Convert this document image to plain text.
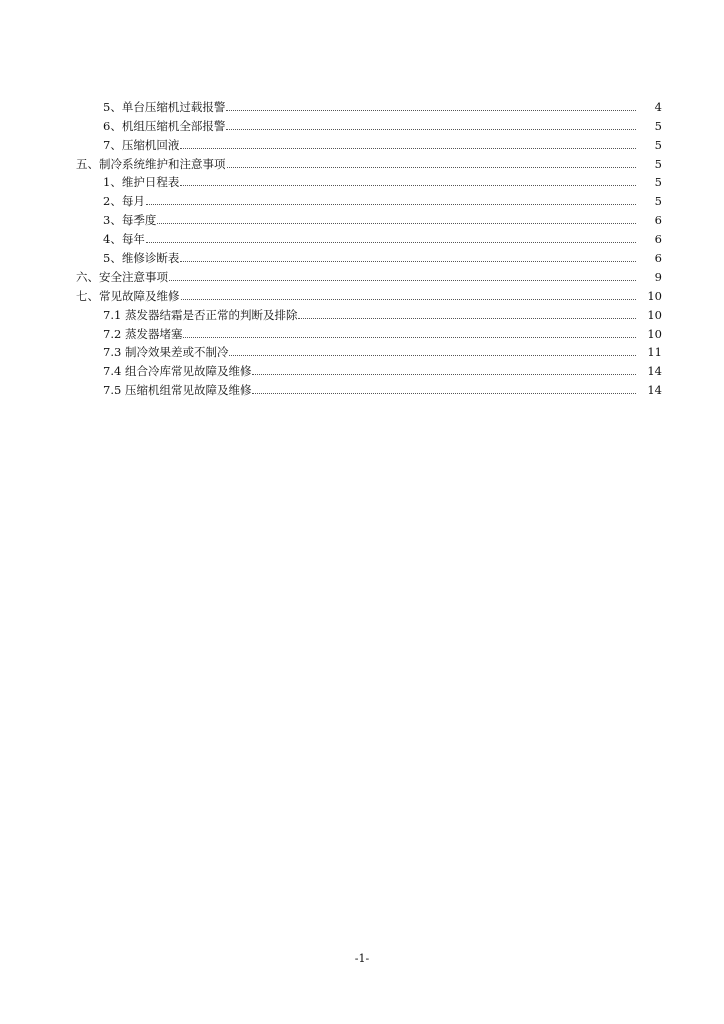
5、单台压缩机过载报警	4
6、机组压缩机全部报警	5
7、压缩机回液	5
五、制冷系统维护和注意事项	5
1、维护日程表	5
2、每月	5
3、每季度	6
4、每年	6
5、维修诊断表	6
六、安全注意事项	9
七、常见故障及维修	10
7.1 蒸发器结霜是否正常的判断及排除	10
7.2 蒸发器堵塞	10
7.3 制冷效果差或不制冷	11
7.4 组合冷库常见故障及维修	14
7.5 压缩机组常见故障及维修	14
-1-
